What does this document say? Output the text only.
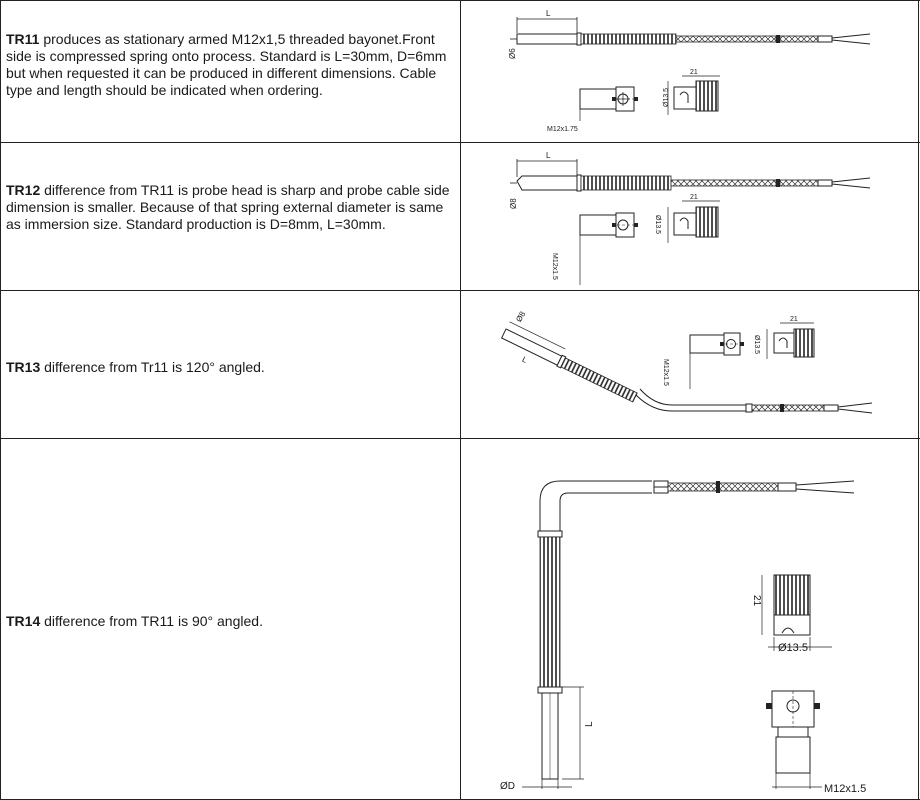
TR11 produces as stationary armed M12x1,5 threaded bayonet.Front side is compressed spring onto process. Standard is L=30mm, D=6mm but when requested it can be produced in different dimensions. Cable type and length should be indicated when ordering.
L
Ø6
M12x1.75
21
Ø13.5
TR12 difference from TR11 is probe head is sharp and probe cable side dimension is smaller. Because of that spring external diameter is same as immersion size. Standard production is D=8mm, L=30mm.
L
Ø8
M12x1.5
21
Ø13.5
TR13 difference from Tr11 is 120° angled.	L
Ø8
M12x1.5
21
Ø13.5
TR14 difference from TR11 is 90° angled.
L
ØD
21
Ø13.5
M12x1.5
